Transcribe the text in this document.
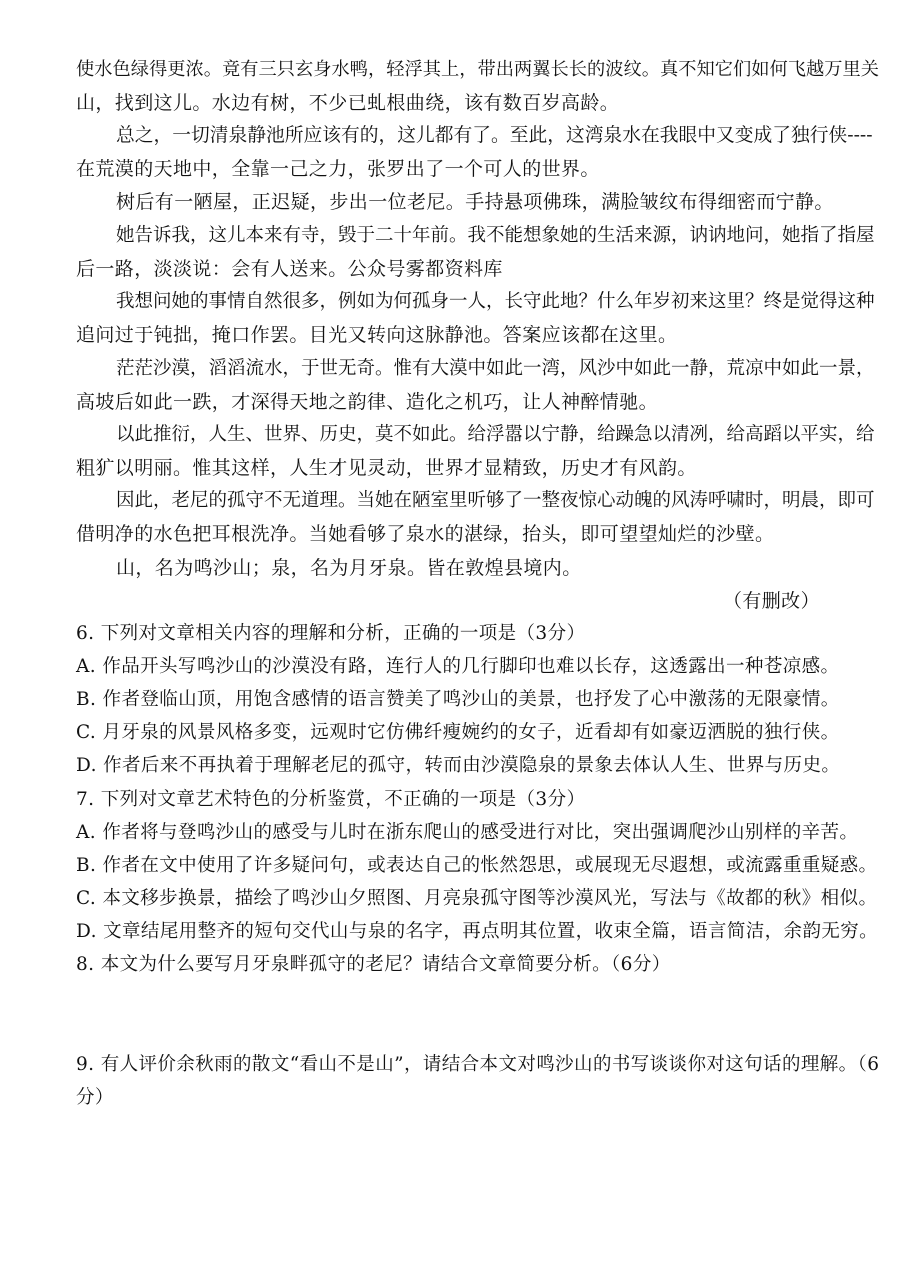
使水色绿得更浓。竟有三只玄身水鸭，轻浮其上，带出两翼长长的波纹。真不知它们如何飞越万里关
山，找到这儿。水边有树，不少已虬根曲绕，该有数百岁高龄。
总之，一切清泉静池所应该有的，这儿都有了。至此，这湾泉水在我眼中又变成了独行侠----
在荒漠的天地中，全靠一己之力，张罗出了一个可人的世界。
树后有一陋屋，正迟疑，步出一位老尼。手持悬项佛珠，满脸皱纹布得细密而宁静。
她告诉我，这儿本来有寺，毁于二十年前。我不能想象她的生活来源，讷讷地问，她指了指屋
后一路，淡淡说：会有人送来。公众号雾都资料库
我想问她的事情自然很多，例如为何孤身一人，长守此地？什么年岁初来这里？终是觉得这种
追问过于钝拙，掩口作罢。目光又转向这脉静池。答案应该都在这里。
茫茫沙漠，滔滔流水，于世无奇。惟有大漠中如此一湾，风沙中如此一静，荒凉中如此一景，
高坡后如此一跌，才深得天地之韵律、造化之机巧，让人神醉情驰。
以此推衍，人生、世界、历史，莫不如此。给浮嚣以宁静，给躁急以清冽，给高蹈以平实，给
粗犷以明丽。惟其这样，人生才见灵动，世界才显精致，历史才有风韵。
因此，老尼的孤守不无道理。当她在陋室里听够了一整夜惊心动魄的风涛呼啸时，明晨，即可
借明净的水色把耳根洗净。当她看够了泉水的湛绿，抬头，即可望望灿烂的沙壁。
山，名为鸣沙山；泉，名为月牙泉。皆在敦煌县境内。
（有删改）
6. 下列对文章相关内容的理解和分析，正确的一项是（3分）
A. 作品开头写鸣沙山的沙漠没有路，连行人的几行脚印也难以长存，这透露出一种苍凉感。
B. 作者登临山顶，用饱含感情的语言赞美了鸣沙山的美景，也抒发了心中激荡的无限豪情。
C. 月牙泉的风景风格多变，远观时它仿佛纤瘦婉约的女子，近看却有如豪迈洒脱的独行侠。
D. 作者后来不再执着于理解老尼的孤守，转而由沙漠隐泉的景象去体认人生、世界与历史。
7. 下列对文章艺术特色的分析鉴赏，不正确的一项是（3分）
A. 作者将与登鸣沙山的感受与儿时在浙东爬山的感受进行对比，突出强调爬沙山别样的辛苦。
B. 作者在文中使用了许多疑问句，或表达自己的怅然怨思，或展现无尽遐想，或流露重重疑惑。
C. 本文移步换景，描绘了鸣沙山夕照图、月亮泉孤守图等沙漠风光，写法与《故都的秋》相似。
D. 文章结尾用整齐的短句交代山与泉的名字，再点明其位置，收束全篇，语言简洁，余韵无穷。
8. 本文为什么要写月牙泉畔孤守的老尼？请结合文章简要分析。（6分）
9. 有人评价余秋雨的散文“看山不是山”，请结合本文对鸣沙山的书写谈谈你对这句话的理解。（6
分）
